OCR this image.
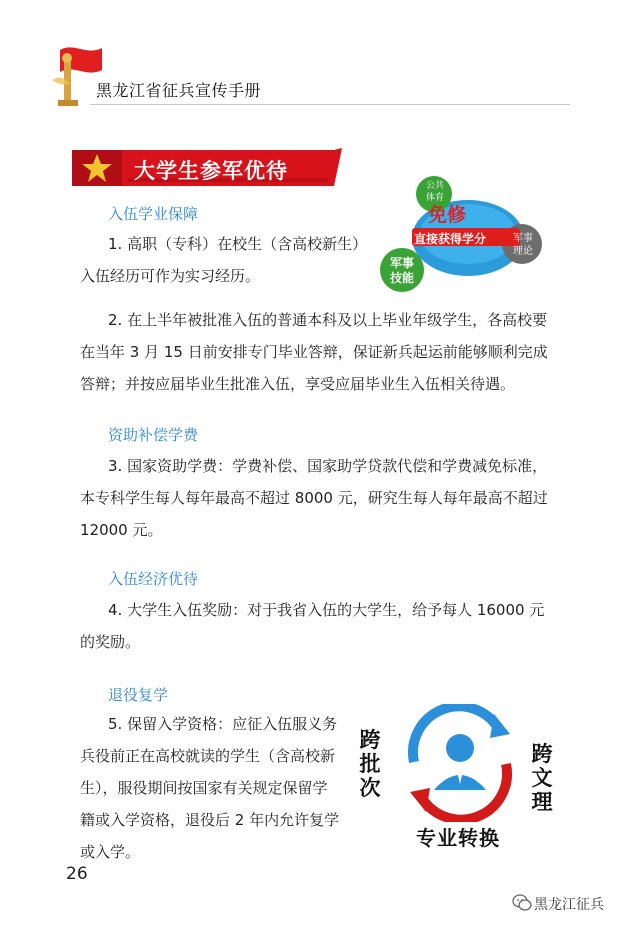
黑龙江省征兵宣传手册
大学生参军优待
免修
直接获得学分
公共
体育
军事
理论
军事
技能
入伍学业保障
1. 高职（专科）在校生（含高校新生）
入伍经历可作为实习经历。
2. 在上半年被批准入伍的普通本科及以上毕业年级学生，各高校要
在当年 3 月 15 日前安排专门毕业答辩，保证新兵起运前能够顺利完成
答辩；并按应届毕业生批准入伍，享受应届毕业生入伍相关待遇。
资助补偿学费
3. 国家资助学费：学费补偿、国家助学贷款代偿和学费减免标准，
本专科学生每人每年最高不超过 8000 元，研究生每人每年最高不超过
12000 元。
入伍经济优待
4. 大学生入伍奖励：对于我省入伍的大学生，给予每人 16000 元
的奖励。
退役复学
5. 保留入学资格：应征入伍服义务
兵役前正在高校就读的学生（含高校新
生），服役期间按国家有关规定保留学
籍或入学资格，退役后 2 年内允许复学
或入学。
跨
批
次
跨
文
理
专业转换
26
黑龙江征兵
